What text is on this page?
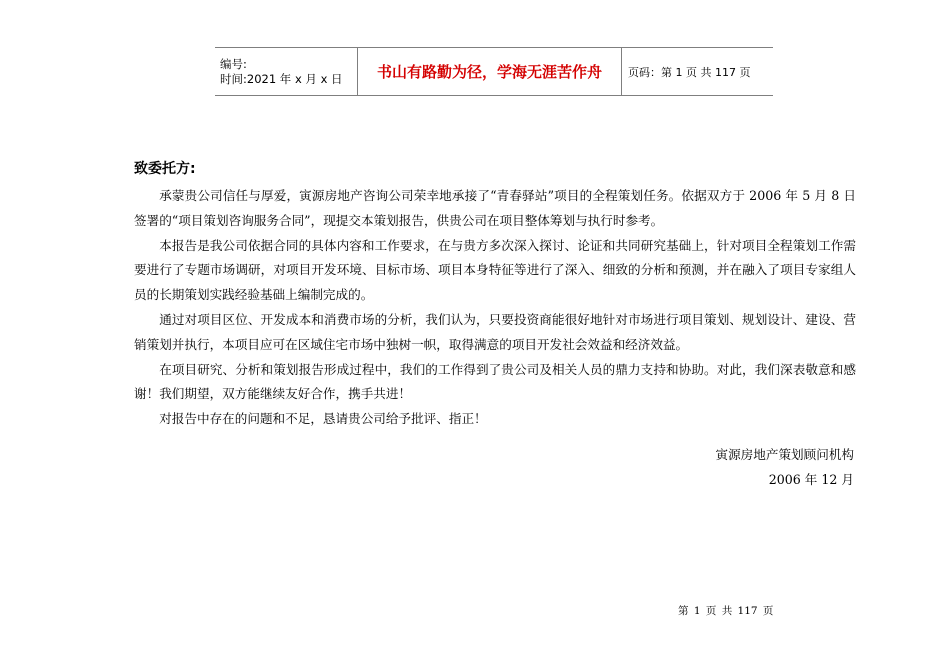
编号:
时间:2021 年 x 月 x 日	书山有路勤为径，学海无涯苦作舟 页码：第 1 页 共 117 页
致委托方:

承蒙贵公司信任与厚爱，寅源房地产咨询公司荣幸地承接了“青春驿站”项目的全程策划任务。依据双方于 2006 年 5 月 8 日签署的“项目策划咨询服务合同”，现提交本策划报告，供贵公司在项目整体筹划与执行时参考。

本报告是我公司依据合同的具体内容和工作要求，在与贵方多次深入探讨、论证和共同研究基础上，针对项目全程策划工作需要进行了专题市场调研，对项目开发环境、目标市场、项目本身特征等进行了深入、细致的分析和预测，并在融入了项目专家组人员的长期策划实践经验基础上编制完成的。

通过对项目区位、开发成本和消费市场的分析，我们认为，只要投资商能很好地针对市场进行项目策划、规划设计、建设、营销策划并执行，本项目应可在区域住宅市场中独树一帜，取得满意的项目开发社会效益和经济效益。

在项目研究、分析和策划报告形成过程中，我们的工作得到了贵公司及相关人员的鼎力支持和协助。对此，我们深表敬意和感谢！我们期望，双方能继续友好合作，携手共进！

对报告中存在的问题和不足，恳请贵公司给予批评、指正！

寅源房地产策划顾问机构
2006 年 12 月
第 1 页 共 117 页
